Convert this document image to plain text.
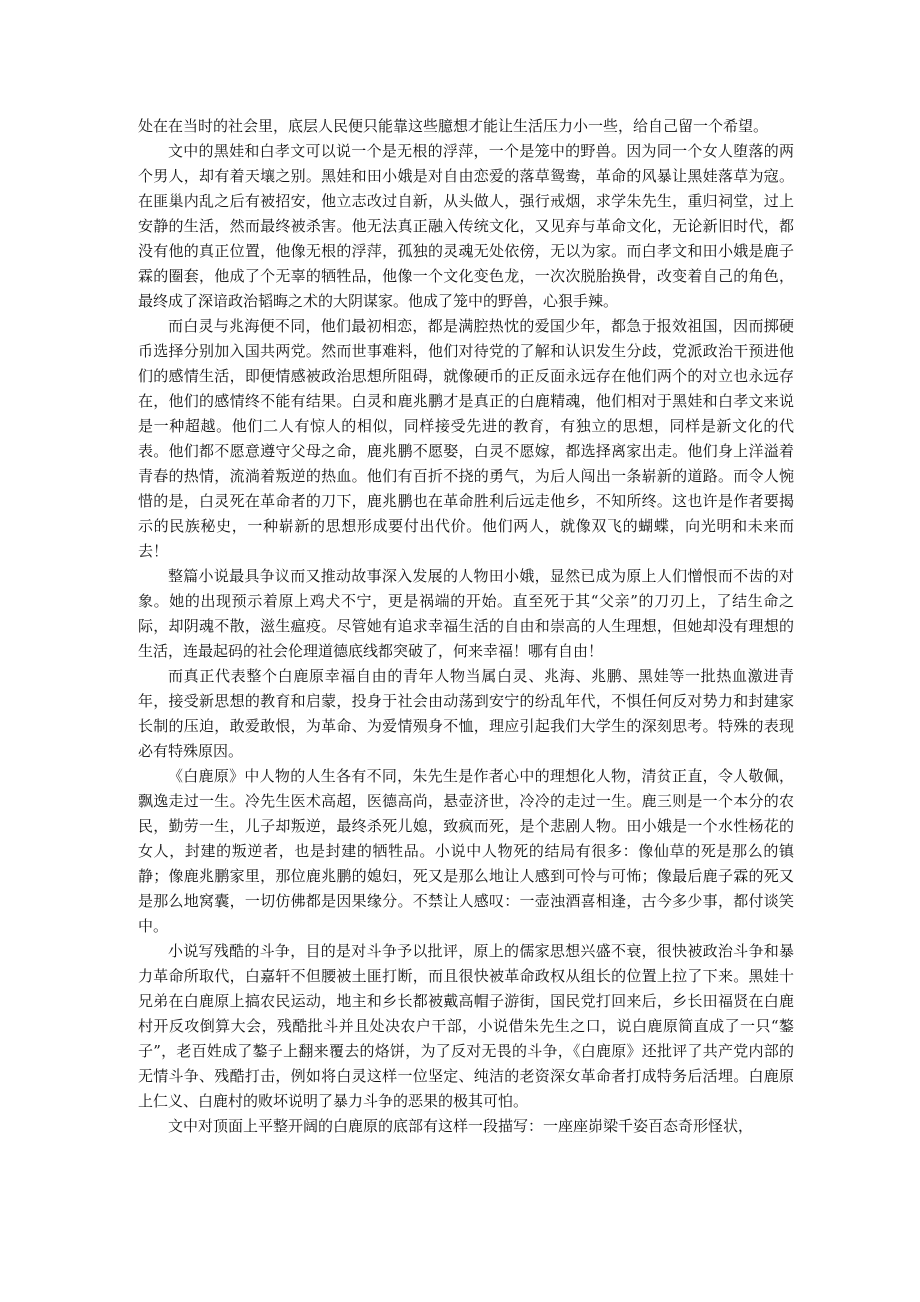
处在在当时的社会里，底层人民便只能靠这些臆想才能让生活压力小一些，给自己留一个希望。

文中的黑娃和白孝文可以说一个是无根的浮萍，一个是笼中的野兽。因为同一个女人堕落的两个男人，却有着天壤之别。黑娃和田小娥是对自由恋爱的落草鸳鸯，革命的风暴让黑娃落草为寇。在匪巢内乱之后有被招安，他立志改过自新，从头做人，强行戒烟，求学朱先生，重归祠堂，过上安静的生活，然而最终被杀害。他无法真正融入传统文化，又见弃与革命文化，无论新旧时代，都没有他的真正位置，他像无根的浮萍，孤独的灵魂无处依傍，无以为家。而白孝文和田小娥是鹿子霖的圈套，他成了个无辜的牺牲品，他像一个文化变色龙，一次次脱胎换骨，改变着自己的角色，最终成了深谙政治韬晦之术的大阴谋家。他成了笼中的野兽，心狠手辣。

而白灵与兆海便不同，他们最初相恋，都是满腔热忱的爱国少年，都急于报效祖国，因而掷硬币选择分别加入国共两党。然而世事难料，他们对待党的了解和认识发生分歧，党派政治干预进他们的感情生活，即便情感被政治思想所阻碍，就像硬币的正反面永远存在他们两个的对立也永远存在，他们的感情终不能有结果。白灵和鹿兆鹏才是真正的白鹿精魂，他们相对于黑娃和白孝文来说是一种超越。他们二人有惊人的相似，同样接受先进的教育，有独立的思想，同样是新文化的代表。他们都不愿意遵守父母之命，鹿兆鹏不愿娶，白灵不愿嫁，都选择离家出走。他们身上洋溢着青春的热情，流淌着叛逆的热血。他们有百折不挠的勇气，为后人闯出一条崭新的道路。而令人惋惜的是，白灵死在革命者的刀下，鹿兆鹏也在革命胜利后远走他乡，不知所终。这也许是作者要揭示的民族秘史，一种崭新的思想形成要付出代价。他们两人，就像双飞的蝴蝶，向光明和未来而去！

整篇小说最具争议而又推动故事深入发展的人物田小娥，显然已成为原上人们憎恨而不齿的对象。她的出现预示着原上鸡犬不宁，更是祸端的开始。直至死于其“父亲”的刀刃上，了结生命之际，却阴魂不散，滋生瘟疫。尽管她有追求幸福生活的自由和崇高的人生理想，但她却没有理想的生活，连最起码的社会伦理道德底线都突破了，何来幸福！哪有自由！

而真正代表整个白鹿原幸福自由的青年人物当属白灵、兆海、兆鹏、黑娃等一批热血激进青年，接受新思想的教育和启蒙，投身于社会由动荡到安宁的纷乱年代，不惧任何反对势力和封建家长制的压迫，敢爱敢恨，为革命、为爱情殒身不恤，理应引起我们大学生的深刻思考。特殊的表现必有特殊原因。

《白鹿原》中人物的人生各有不同，朱先生是作者心中的理想化人物，清贫正直，令人敬佩，飘逸走过一生。冷先生医术高超，医德高尚，悬壶济世，冷冷的走过一生。鹿三则是一个本分的农民，勤劳一生，儿子却叛逆，最终杀死儿媳，致疯而死，是个悲剧人物。田小娥是一个水性杨花的女人，封建的叛逆者，也是封建的牺牲品。小说中人物死的结局有很多：像仙草的死是那么的镇静；像鹿兆鹏家里，那位鹿兆鹏的媳妇，死又是那么地让人感到可怜与可怖；像最后鹿子霖的死又是那么地窝囊，一切仿佛都是因果缘分。不禁让人感叹：一壶浊酒喜相逢，古今多少事，都付谈笑中。

小说写残酷的斗争，目的是对斗争予以批评，原上的儒家思想兴盛不衰，很快被政治斗争和暴力革命所取代，白嘉轩不但腰被土匪打断，而且很快被革命政权从组长的位置上拉了下来。黑娃十兄弟在白鹿原上搞农民运动，地主和乡长都被戴高帽子游街，国民党打回来后，乡长田福贤在白鹿村开反攻倒算大会，残酷批斗并且处决农户干部，小说借朱先生之口，说白鹿原简直成了一只“鏊子”，老百姓成了鏊子上翻来覆去的烙饼，为了反对无畏的斗争，《白鹿原》还批评了共产党内部的无情斗争、残酷打击，例如将白灵这样一位坚定、纯洁的老资深女革命者打成特务后活埋。白鹿原上仁义、白鹿村的败坏说明了暴力斗争的恶果的极其可怕。

文中对顶面上平整开阔的白鹿原的底部有这样一段描写：一座座峁梁千姿百态奇形怪状，
